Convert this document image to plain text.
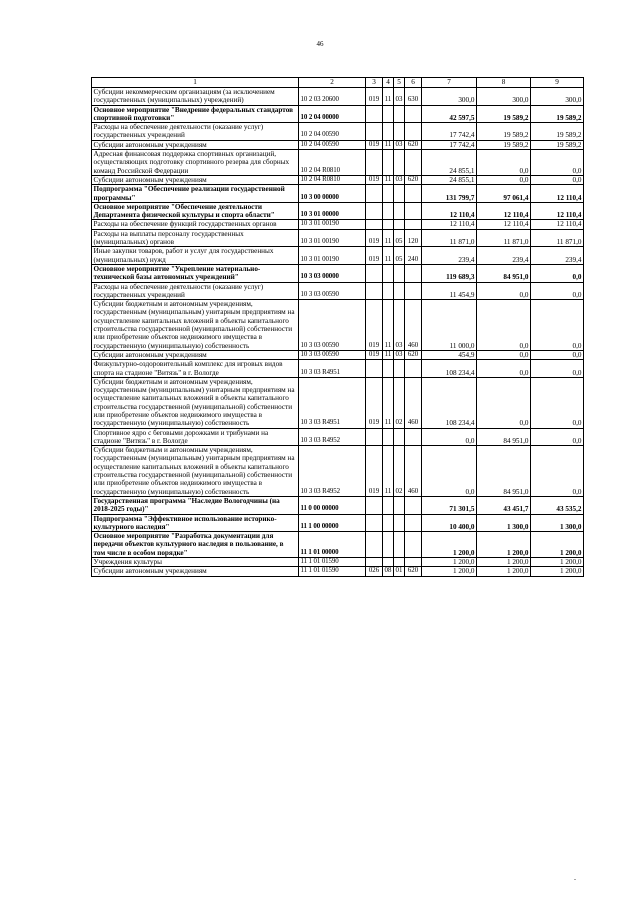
46
1	2	3	4	5	6	7	8	9
Субсидии некоммерческим организациям (за исключением государственных (муниципальных) учреждений)	10 2 03 20600	019	11	03	630	300,0	300,0	300,0
Основное мероприятие "Внедрение федеральных стандартов спортивной подготовки"	10 2 04 00000					42 597,5	19 589,2	19 589,2
Расходы на обеспечение деятельности (оказание услуг) государственных учреждений	10 2 04 00590					17 742,4	19 589,2	19 589,2
Субсидии автономным учреждениям	10 2 04 00590	019	11	03	620	17 742,4	19 589,2	19 589,2
Адресная финансовая поддержка спортивных организаций, осуществляющих подготовку спортивного резерва для сборных команд Российской Федерации	10 2 04 R0810					24 855,1	0,0	0,0
Субсидии автономным учреждениям	10 2 04 R0810	019	11	03	620	24 855,1	0,0	0,0
Подпрограмма "Обеспечение реализации государственной программы"	10 3 00 00000					131 799,7	97 061,4	12 110,4
Основное мероприятие "Обеспечение деятельности Департамента физической культуры и спорта области"	10 3 01 00000					12 110,4	12 110,4	12 110,4
Расходы на обеспечение функций государственных органов	10 3 01 00190					12 110,4	12 110,4	12 110,4
Расходы на выплаты персоналу государственных (муниципальных) органов	10 3 01 00190	019	11	05	120	11 871,0	11 871,0	11 871,0
Иные закупки товаров, работ и услуг для государственных (муниципальных) нужд	10 3 01 00190	019	11	05	240	239,4	239,4	239,4
Основное мероприятие "Укрепление материально-технической базы автономных учреждений"	10 3 03 00000					119 689,3	84 951,0	0,0
Расходы на обеспечение деятельности (оказание услуг) государственных учреждений	10 3 03 00590					11 454,9	0,0	0,0
Субсидии бюджетным и автономным учреждениям, государственным (муниципальным) унитарным предприятиям на осуществление капитальных вложений в объекты капитального строительства государственной (муниципальной) собственности или приобретение объектов недвижимого имущества в государственную (муниципальную) собственность	10 3 03 00590	019	11	03	460	11 000,0	0,0	0,0
Субсидии автономным учреждениям	10 3 03 00590	019	11	03	620	454,9	0,0	0,0
Физкультурно-оздоровительный комплекс для игровых видов спорта на стадионе "Витязь" в г. Вологде	10 3 03 R4951					108 234,4	0,0	0,0
Субсидии бюджетным и автономным учреждениям, государственным (муниципальным) унитарным предприятиям на осуществление капитальных вложений в объекты капитального строительства государственной (муниципальной) собственности или приобретение объектов недвижимого имущества в государственную (муниципальную) собственность	10 3 03 R4951	019	11	02	460	108 234,4	0,0	0,0
Спортивное ядро с беговыми дорожками и трибунами на стадионе "Витязь" в г. Вологде	10 3 03 R4952					0,0	84 951,0	0,0
Субсидии бюджетным и автономным учреждениям, государственным (муниципальным) унитарным предприятиям на осуществление капитальных вложений в объекты капитального строительства государственной (муниципальной) собственности или приобретение объектов недвижимого имущества в государственную (муниципальную) собственность	10 3 03 R4952	019	11	02	460	0,0	84 951,0	0,0
Государственная программа "Наследие Вологодчины (на 2018-2025 годы)"	11 0 00 00000					71 301,5	43 451,7	43 535,2
Подпрограмма "Эффективное использование историко-культурного наследия"	11 1 00 00000					10 400,0	1 300,0	1 300,0
Основное мероприятие "Разработка документации для передачи объектов культурного наследия в пользование, в том числе в особом порядке"	11 1 01 00000					1 200,0	1 200,0	1 200,0
Учреждения культуры	11 1 01 01590					1 200,0	1 200,0	1 200,0
Субсидии автономным учреждениям	11 1 01 01590	026	08	01	620	1 200,0	1 200,0	1 200,0
-
